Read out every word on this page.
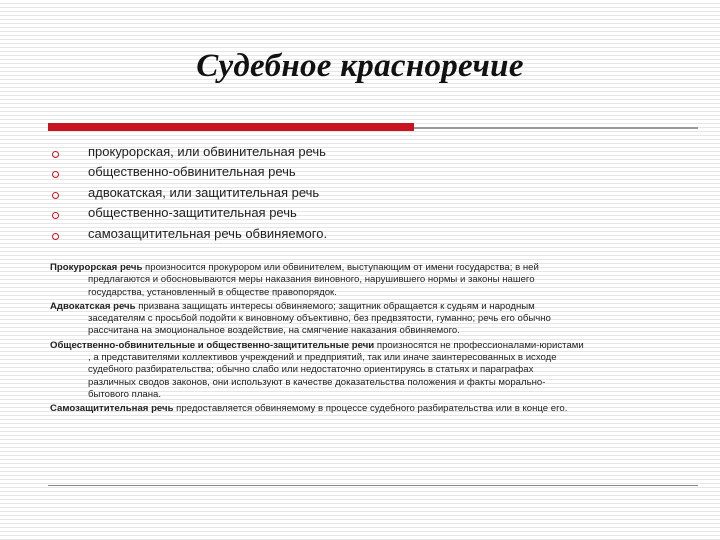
Судебное красноречие
прокурорская, или обвинительная речь
общественно-обвинительная речь
адвокатская, или защитительная речь
общественно-защитительная речь
самозащитительная речь обвиняемого.

Прокурорская речь произносится прокурором или обвинителем, выступающим от имени государства; в ней
предлагаются и обосновываются меры наказания виновного, нарушившего нормы и законы нашего
государства, установленный в обществе правопорядок.

Адвокатская речь призвана защищать интересы обвиняемого; защитник обращается к судьям и народным
заседателям с просьбой подойти к виновному объективно, без предвзятости, гуманно; речь его обычно
рассчитана на эмоциональное воздействие, на смягчение наказания обвиняемого.

Общественно-обвинительные и общественно-защитительные речи произносятся не профессионалами-юристами
, а представителями коллективов учреждений и предприятий, так или иначе заинтересованных в исходе
судебного разбирательства; обычно слабо или недостаточно ориентируясь в статьях и параграфах
различных сводов законов, они используют в качестве доказательства положения и факты морально-
бытового плана.

Самозащитительная речь предоставляется обвиняемому в процессе судебного разбирательства или в конце его.
